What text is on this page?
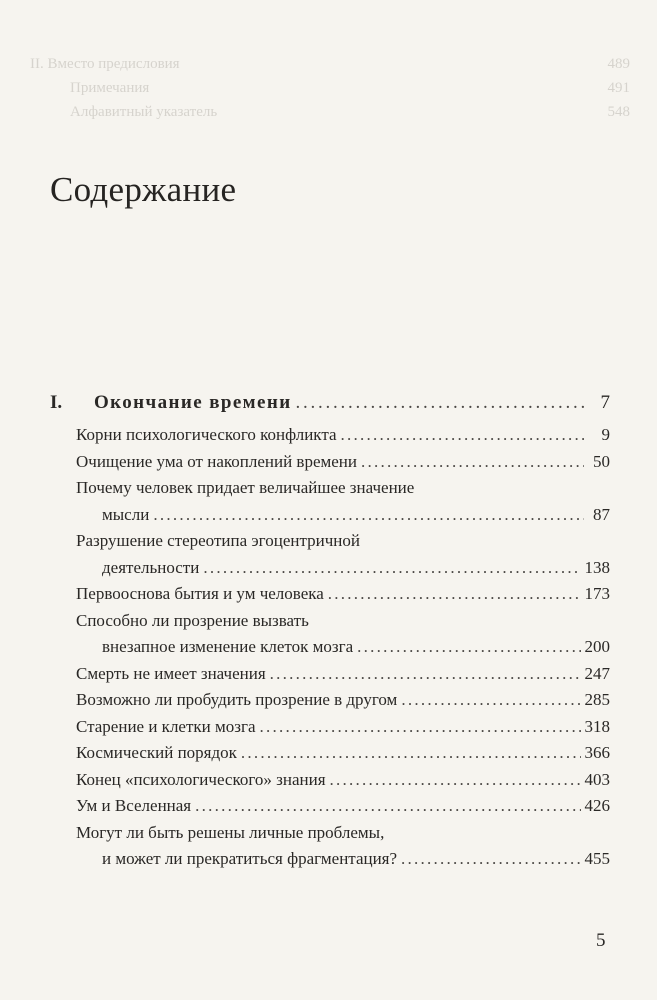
II. Вместо предисловия	489
Примечания	491
Алфавитный указатель	548
Содержание
I.	Окончание времени . . .	7
Корни психологического конфликта . . .	9
Очищение ума от накоплений времени . . .	50
Почему человек придает величайшее значение
мысли . . .	87
Разрушение стереотипа эгоцентричной
деятельности . . .	138
Первооснова бытия и ум человека . . .	173
Способно ли прозрение вызвать
внезапное изменение клеток мозга . . .	200
Смерть не имеет значения . . .	247
Возможно ли пробудить прозрение в другом . . .	285
Старение и клетки мозга . . .	318
Космический порядок . . .	366
Конец «психологического» знания . . .	403
Ум и Вселенная . . .	426
Могут ли быть решены личные проблемы,
и может ли прекратиться фрагментация? . . .	455
5
